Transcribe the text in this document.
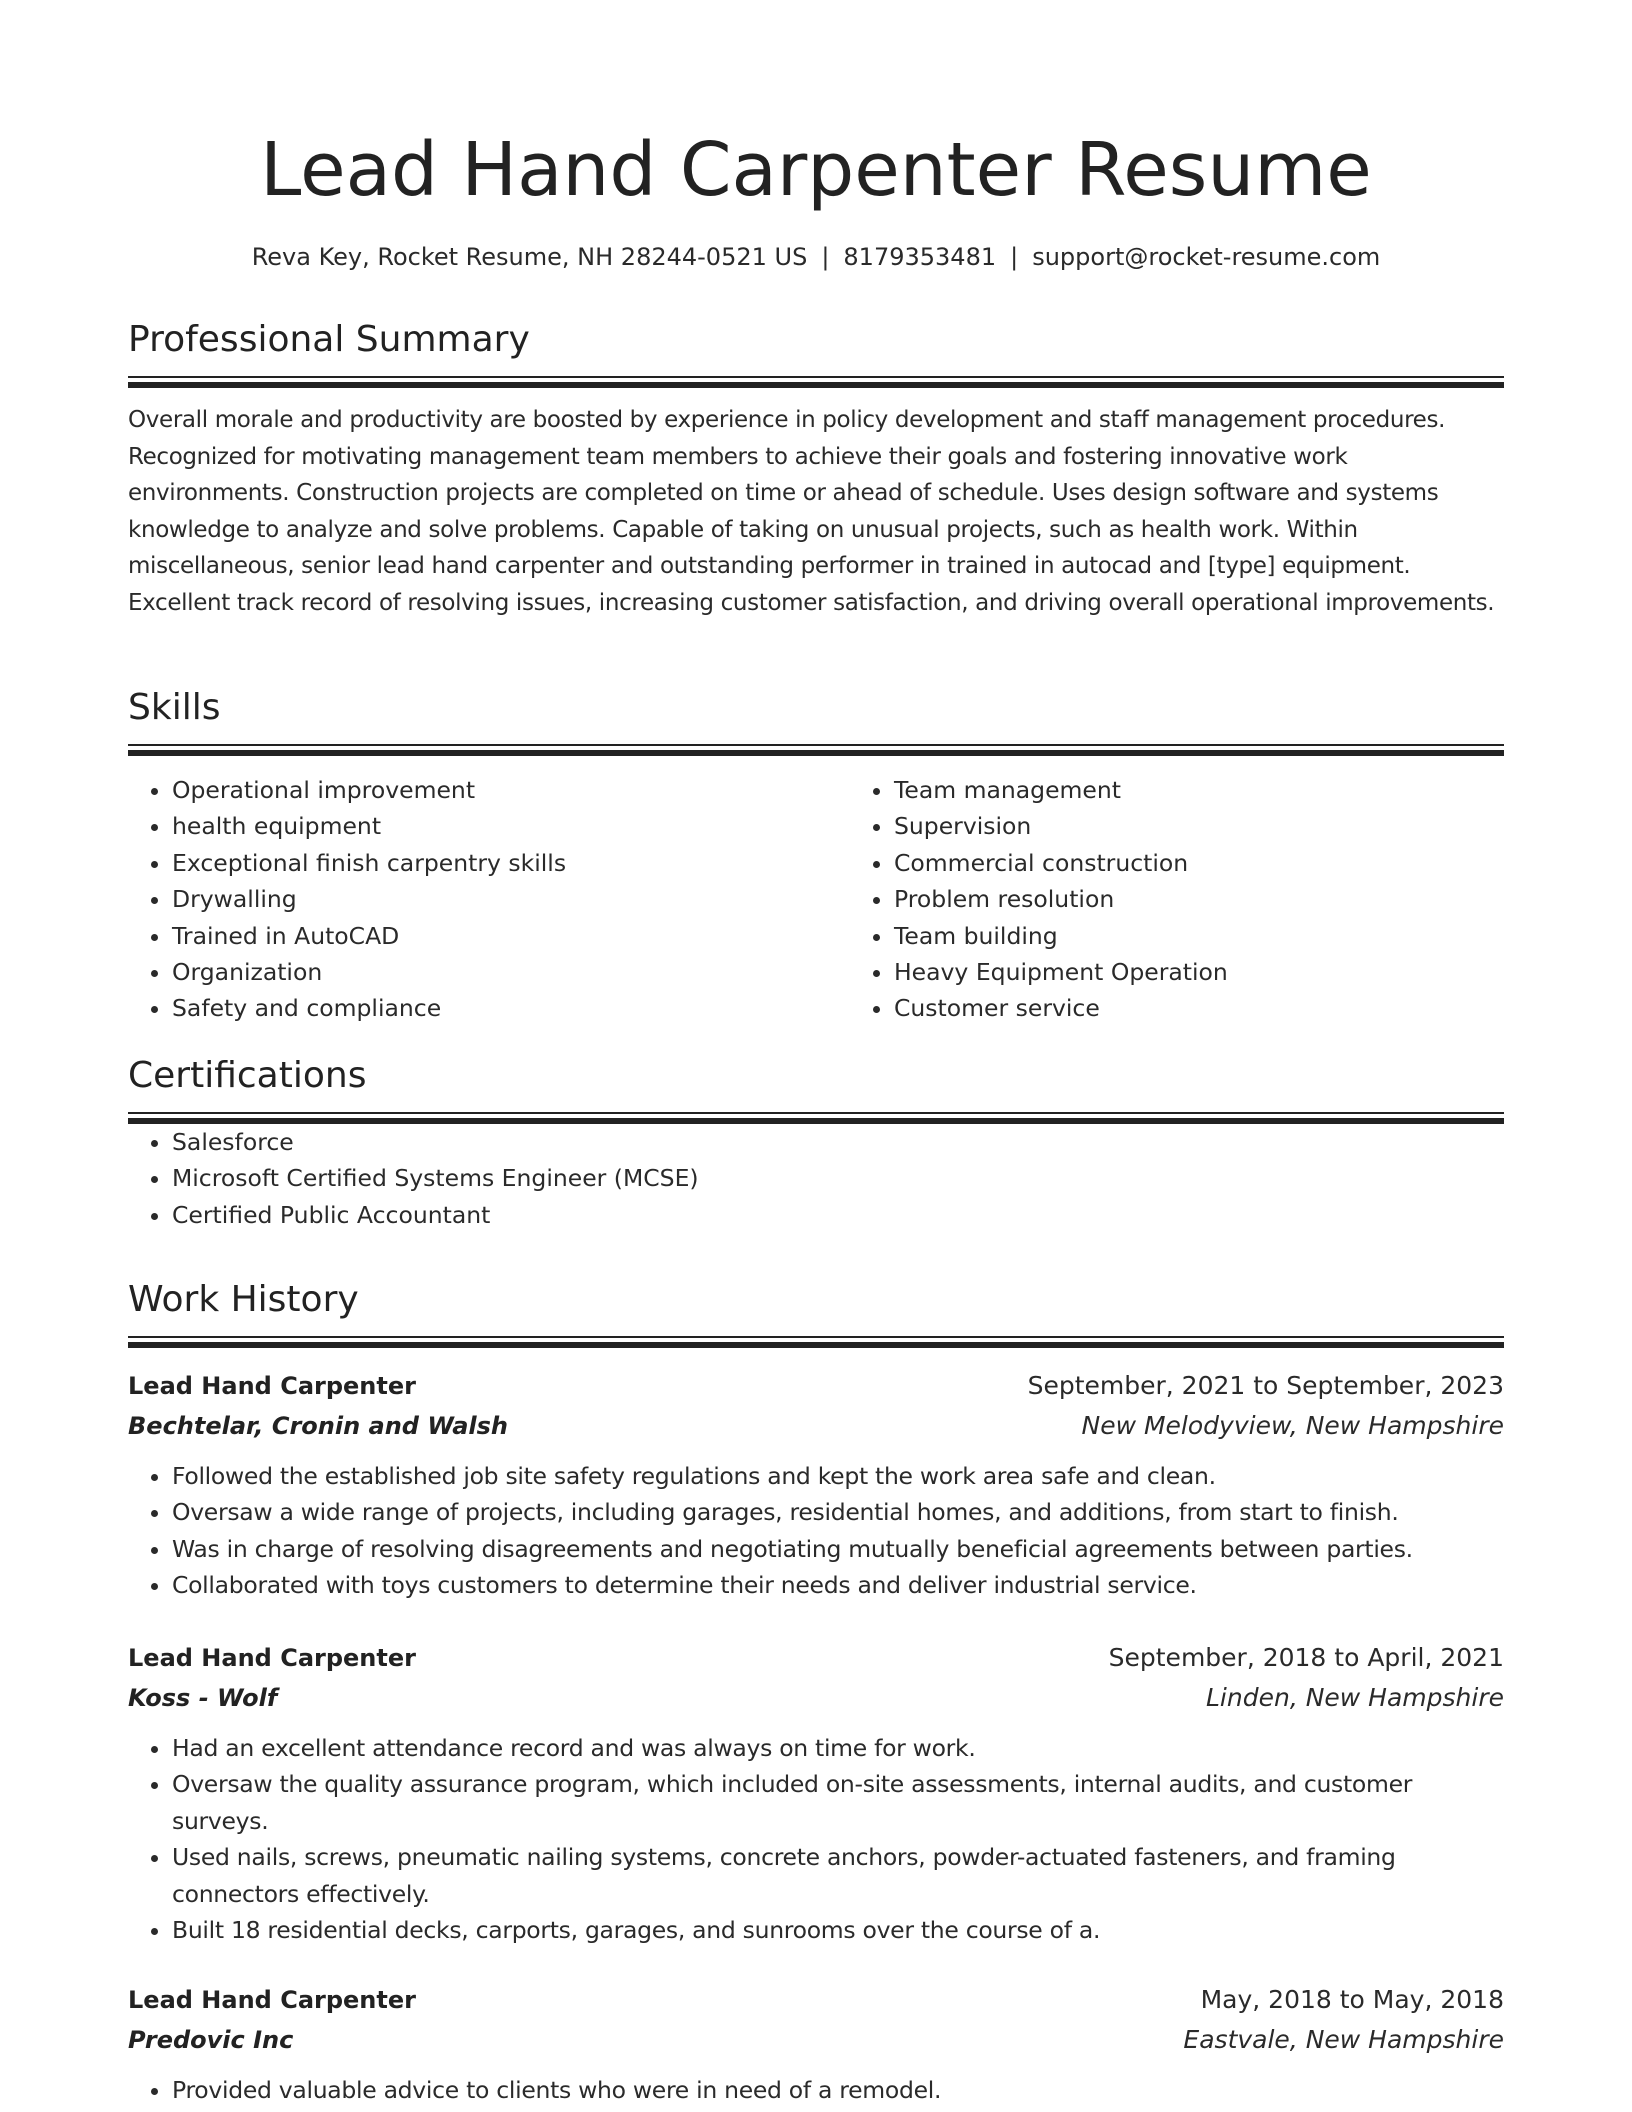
Lead Hand Carpenter Resume
Reva Key, Rocket Resume, NH 28244-0521 US | 8179353481 | support@rocket-resume.com
Professional Summary

Overall morale and productivity are boosted by experience in policy development and staff management procedures. Recognized for motivating management team members to achieve their goals and fostering innovative work environments. Construction projects are completed on time or ahead of schedule. Uses design software and systems knowledge to analyze and solve problems. Capable of taking on unusual projects, such as health work. Within miscellaneous, senior lead hand carpenter and outstanding performer in trained in autocad and [type] equipment. Excellent track record of resolving issues, increasing customer satisfaction, and driving overall operational improvements.

Skills
• Operational improvement
• health equipment
• Exceptional finish carpentry skills
• Drywalling
• Trained in AutoCAD
• Organization
• Safety and compliance
• Team management
• Supervision
• Commercial construction
• Problem resolution
• Team building
• Heavy Equipment Operation
• Customer service
Certifications
• Salesforce
• Microsoft Certified Systems Engineer (MCSE)
• Certified Public Accountant
Work History
Lead Hand Carpenter	September, 2021 to September, 2023
Bechtelar, Cronin and Walsh	New Melodyview, New Hampshire
• Followed the established job site safety regulations and kept the work area safe and clean.
• Oversaw a wide range of projects, including garages, residential homes, and additions, from start to finish.
• Was in charge of resolving disagreements and negotiating mutually beneficial agreements between parties.
• Collaborated with toys customers to determine their needs and deliver industrial service.
Lead Hand Carpenter	September, 2018 to April, 2021
Koss - Wolf	Linden, New Hampshire
• Had an excellent attendance record and was always on time for work.
• Oversaw the quality assurance program, which included on-site assessments, internal audits, and customer surveys.
• Used nails, screws, pneumatic nailing systems, concrete anchors, powder-actuated fasteners, and framing connectors effectively.
• Built 18 residential decks, carports, garages, and sunrooms over the course of a.
Lead Hand Carpenter	May, 2018 to May, 2018
Predovic Inc	Eastvale, New Hampshire
• Provided valuable advice to clients who were in need of a remodel.
